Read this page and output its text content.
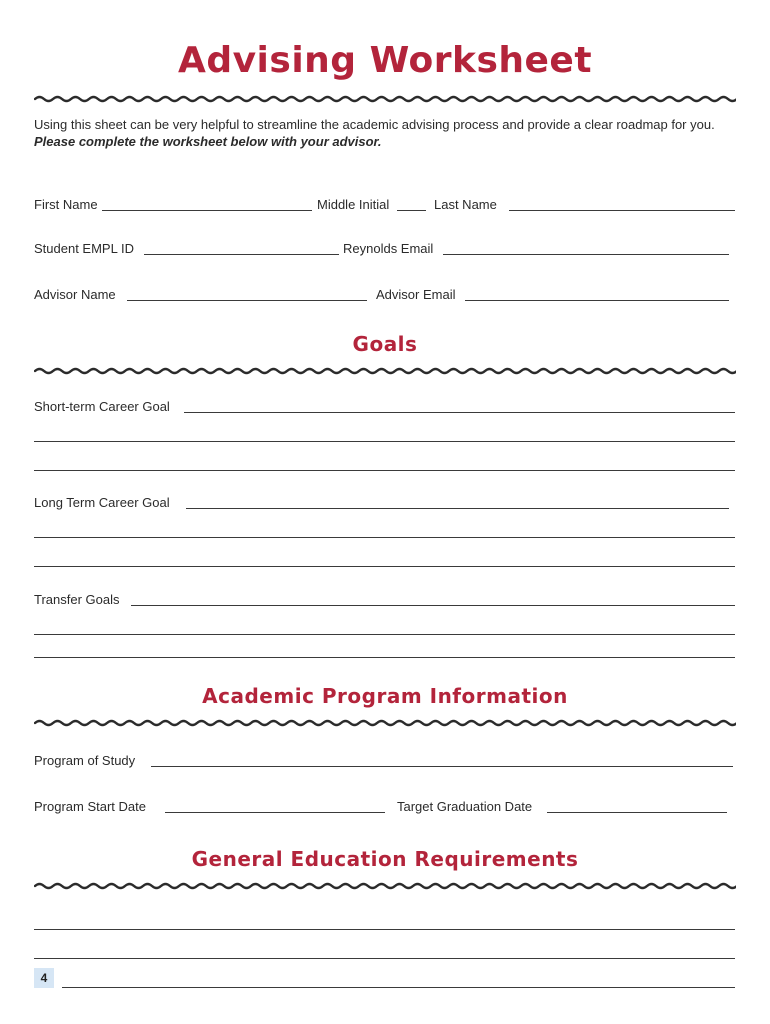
Advising Worksheet
Using this sheet can be very helpful to streamline the academic advising process and provide a clear roadmap for you. Please complete the worksheet below with your advisor.
First Name	Middle Initial	Last Name
Student EMPL ID	Reynolds Email
Advisor Name	Advisor Email
Goals
Short-term Career Goal
Long Term Career Goal
Transfer Goals
Academic Program Information
Program of Study
Program Start Date	Target Graduation Date
General Education Requirements
4
